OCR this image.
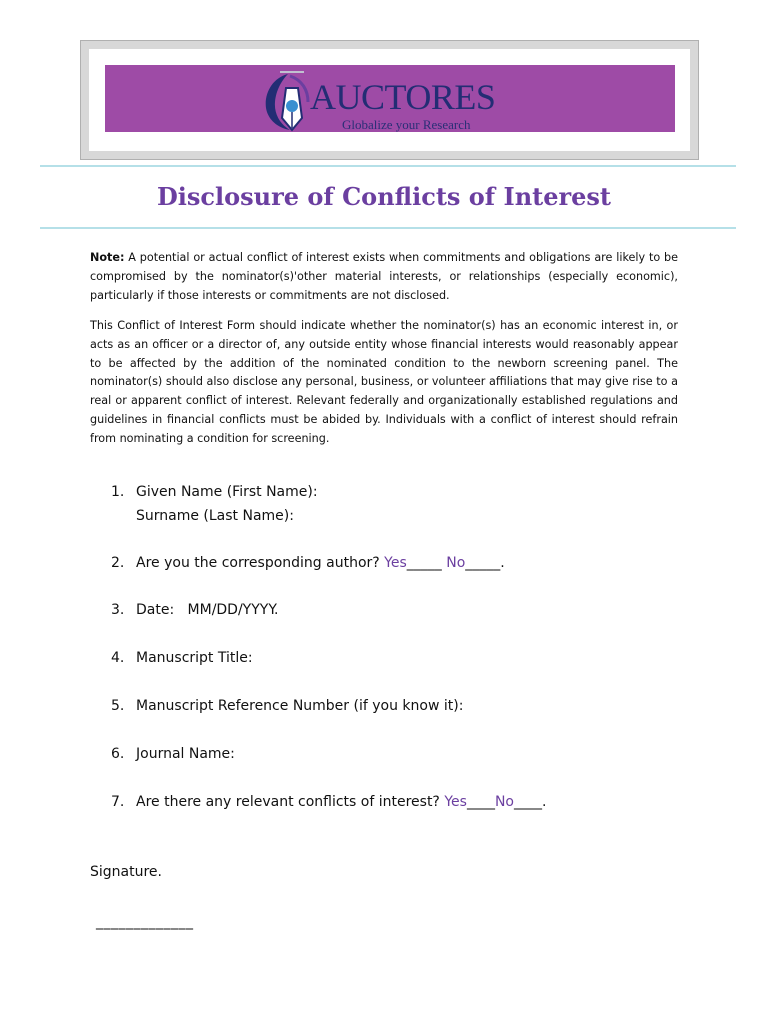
AUCTORES
Globalize your Research
Disclosure of Conflicts of Interest

Note: A potential or actual conflict of interest exists when commitments and obligations are likely to be compromised by the nominator(s)'other material interests, or relationships (especially economic), particularly if those interests or commitments are not disclosed.

This Conflict of Interest Form should indicate whether the nominator(s) has an economic interest in, or acts as an officer or a director of, any outside entity whose financial interests would reasonably appear to be affected by the addition of the nominated condition to the newborn screening panel. The nominator(s) should also disclose any personal, business, or volunteer affiliations that may give rise to a real or apparent conflict of interest. Relevant federally and organizationally established regulations and guidelines in financial conflicts must be abided by. Individuals with a conflict of interest should refrain from nominating a condition for screening.

1. Given Name (First Name):
Surname (Last Name):
2. Are you the corresponding author? Yes_____ No_____.
3. Date:   MM/DD/YYYY.
4. Manuscript Title:
5. Manuscript Reference Number (if you know it):
6. Journal Name:
7. Are there any relevant conflicts of interest? Yes____No____.
Signature.
_____________
